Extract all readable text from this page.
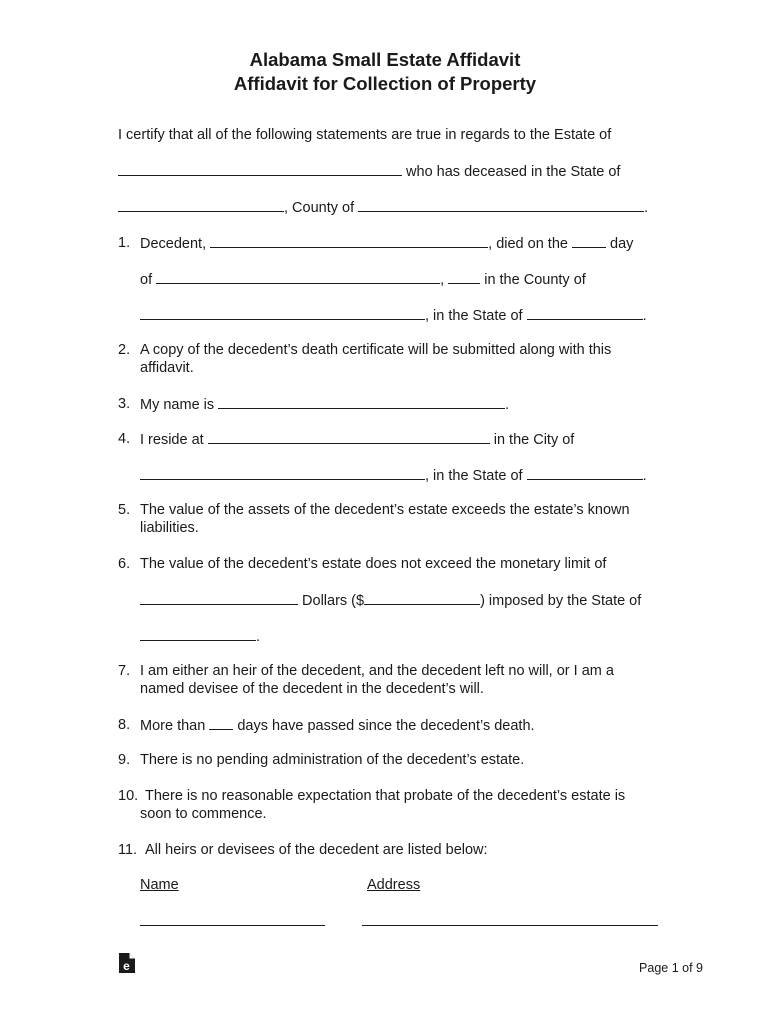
Alabama Small Estate Affidavit
Affidavit for Collection of Property
I certify that all of the following statements are true in regards to the Estate of
who has deceased in the State of
, County of	.
1. Decedent,	, died on the	day
of	,	in the County of
, in the State of	.
2. A copy of the decedent’s death certificate will be submitted along with this
affidavit.
3. My name is	.
4. I reside at	in the City of
, in the State of	.
5. The value of the assets of the decedent’s estate exceeds the estate’s known
liabilities.
6. The value of the decedent’s estate does not exceed the monetary limit of
Dollars ($	) imposed by the State of
.
7. I am either an heir of the decedent, and the decedent left no will, or I am a
named devisee of the decedent in the decedent’s will.
8. More than days have passed since the decedent’s death.
9. There is no pending administration of the decedent’s estate.
10. There is no reasonable expectation that probate of the decedent’s estate is
soon to commence.
11. All heirs or devisees of the decedent are listed below:
Name	Address
e	Page 1 of 9
